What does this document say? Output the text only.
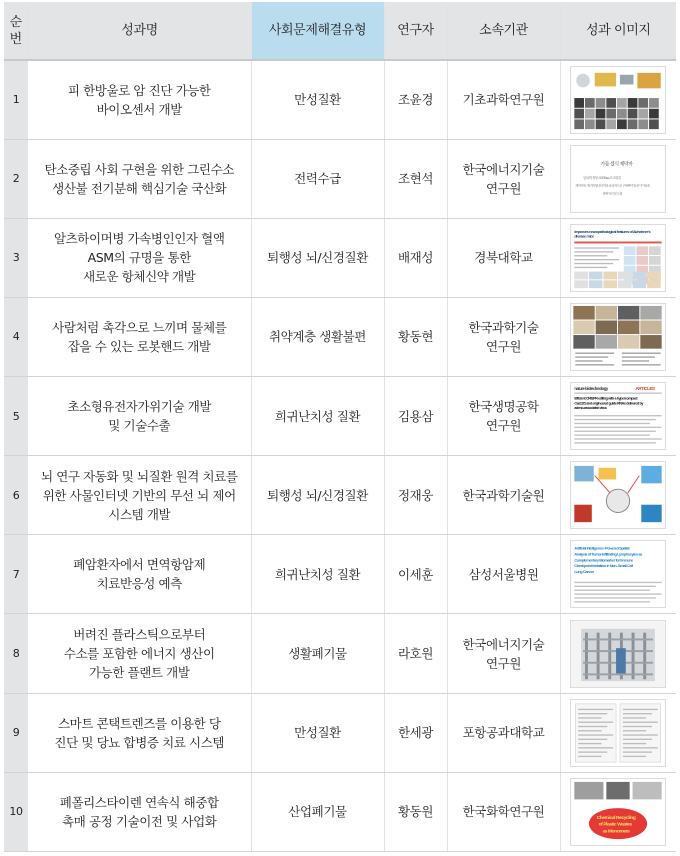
순번	성과명	사회문제해결유형	연구자	소속기관	성과 이미지
1	피 한방울로 암 진단 가능한
바이오센서 개발	만성질환	조윤경	기초과학연구원	

2	탄소중립 사회 구현을 위한 그린수소
생산불 전기분해 핵심기술 국산화	전력수급	조현석	한국에너지기술
연구원	가둠 셀식 제막자
임의/지정형 : 0.005 ㎜ 초고화질
제막자들 : 원격지형 전극막을 효과적으로 구현해야 할 분야 기술을
전해 처리 및 도출

3	알츠하이머병 가속병인인자 혈액
ASM의 규명을 통한
새로운 항체신약 개발	퇴행성 뇌/신경질환	배재성	경북대학교	Improves neuropathological features of Alzheimer's
disease mice

4	사람처럼 촉각으로 느끼며 물체를
잡을 수 있는 로봇핸드 개발	취약계층 생활불편	황동현	한국과학기술
연구원	

5	초소형유전자가위기술 개발
및 기술수출	희귀난치성 질환	김용삼	한국생명공학
연구원	nature biotechnology ARTICLES
Efficient CRISPR editing with a hypercompact
Cas12f1 and engineered guide RNAs delivered by
adeno-associated virus

6	뇌 연구 자동화 및 뇌질환 원격 치료를
위한 사물인터넷 기반의 무선 뇌 제어
시스템 개발	퇴행성 뇌/신경질환	정재웅	한국과학기술원	

7	폐암환자에서 면역항암제
치료반응성 예측	희귀난치성 질환	이세훈	삼성서울병원	Artificial Intelligence–Powered Spatial
Analysis of Tumor-Infiltrating Lymphocytes as
Complementary Biomarker for Immune
Checkpoint Inhibition in Non–Small-Cell
Lung Cancer

8	버려진 플라스틱으로부터
수소를 포함한 에너지 생산이
가능한 플랜트 개발	생활폐기물	라호원	한국에너지기술
연구원	

9	스마트 콘택트렌즈를 이용한 당
진단 및 당뇨 합병증 치료 시스템	만성질환	한세광	포항공과대학교	

10	폐폴리스타이렌 연속식 해중합
촉매 공정 기술이전 및 사업화	산업폐기물	황동원	한국화학연구원	Chemical Recycling
of Plastic Wastes
as Monomers
